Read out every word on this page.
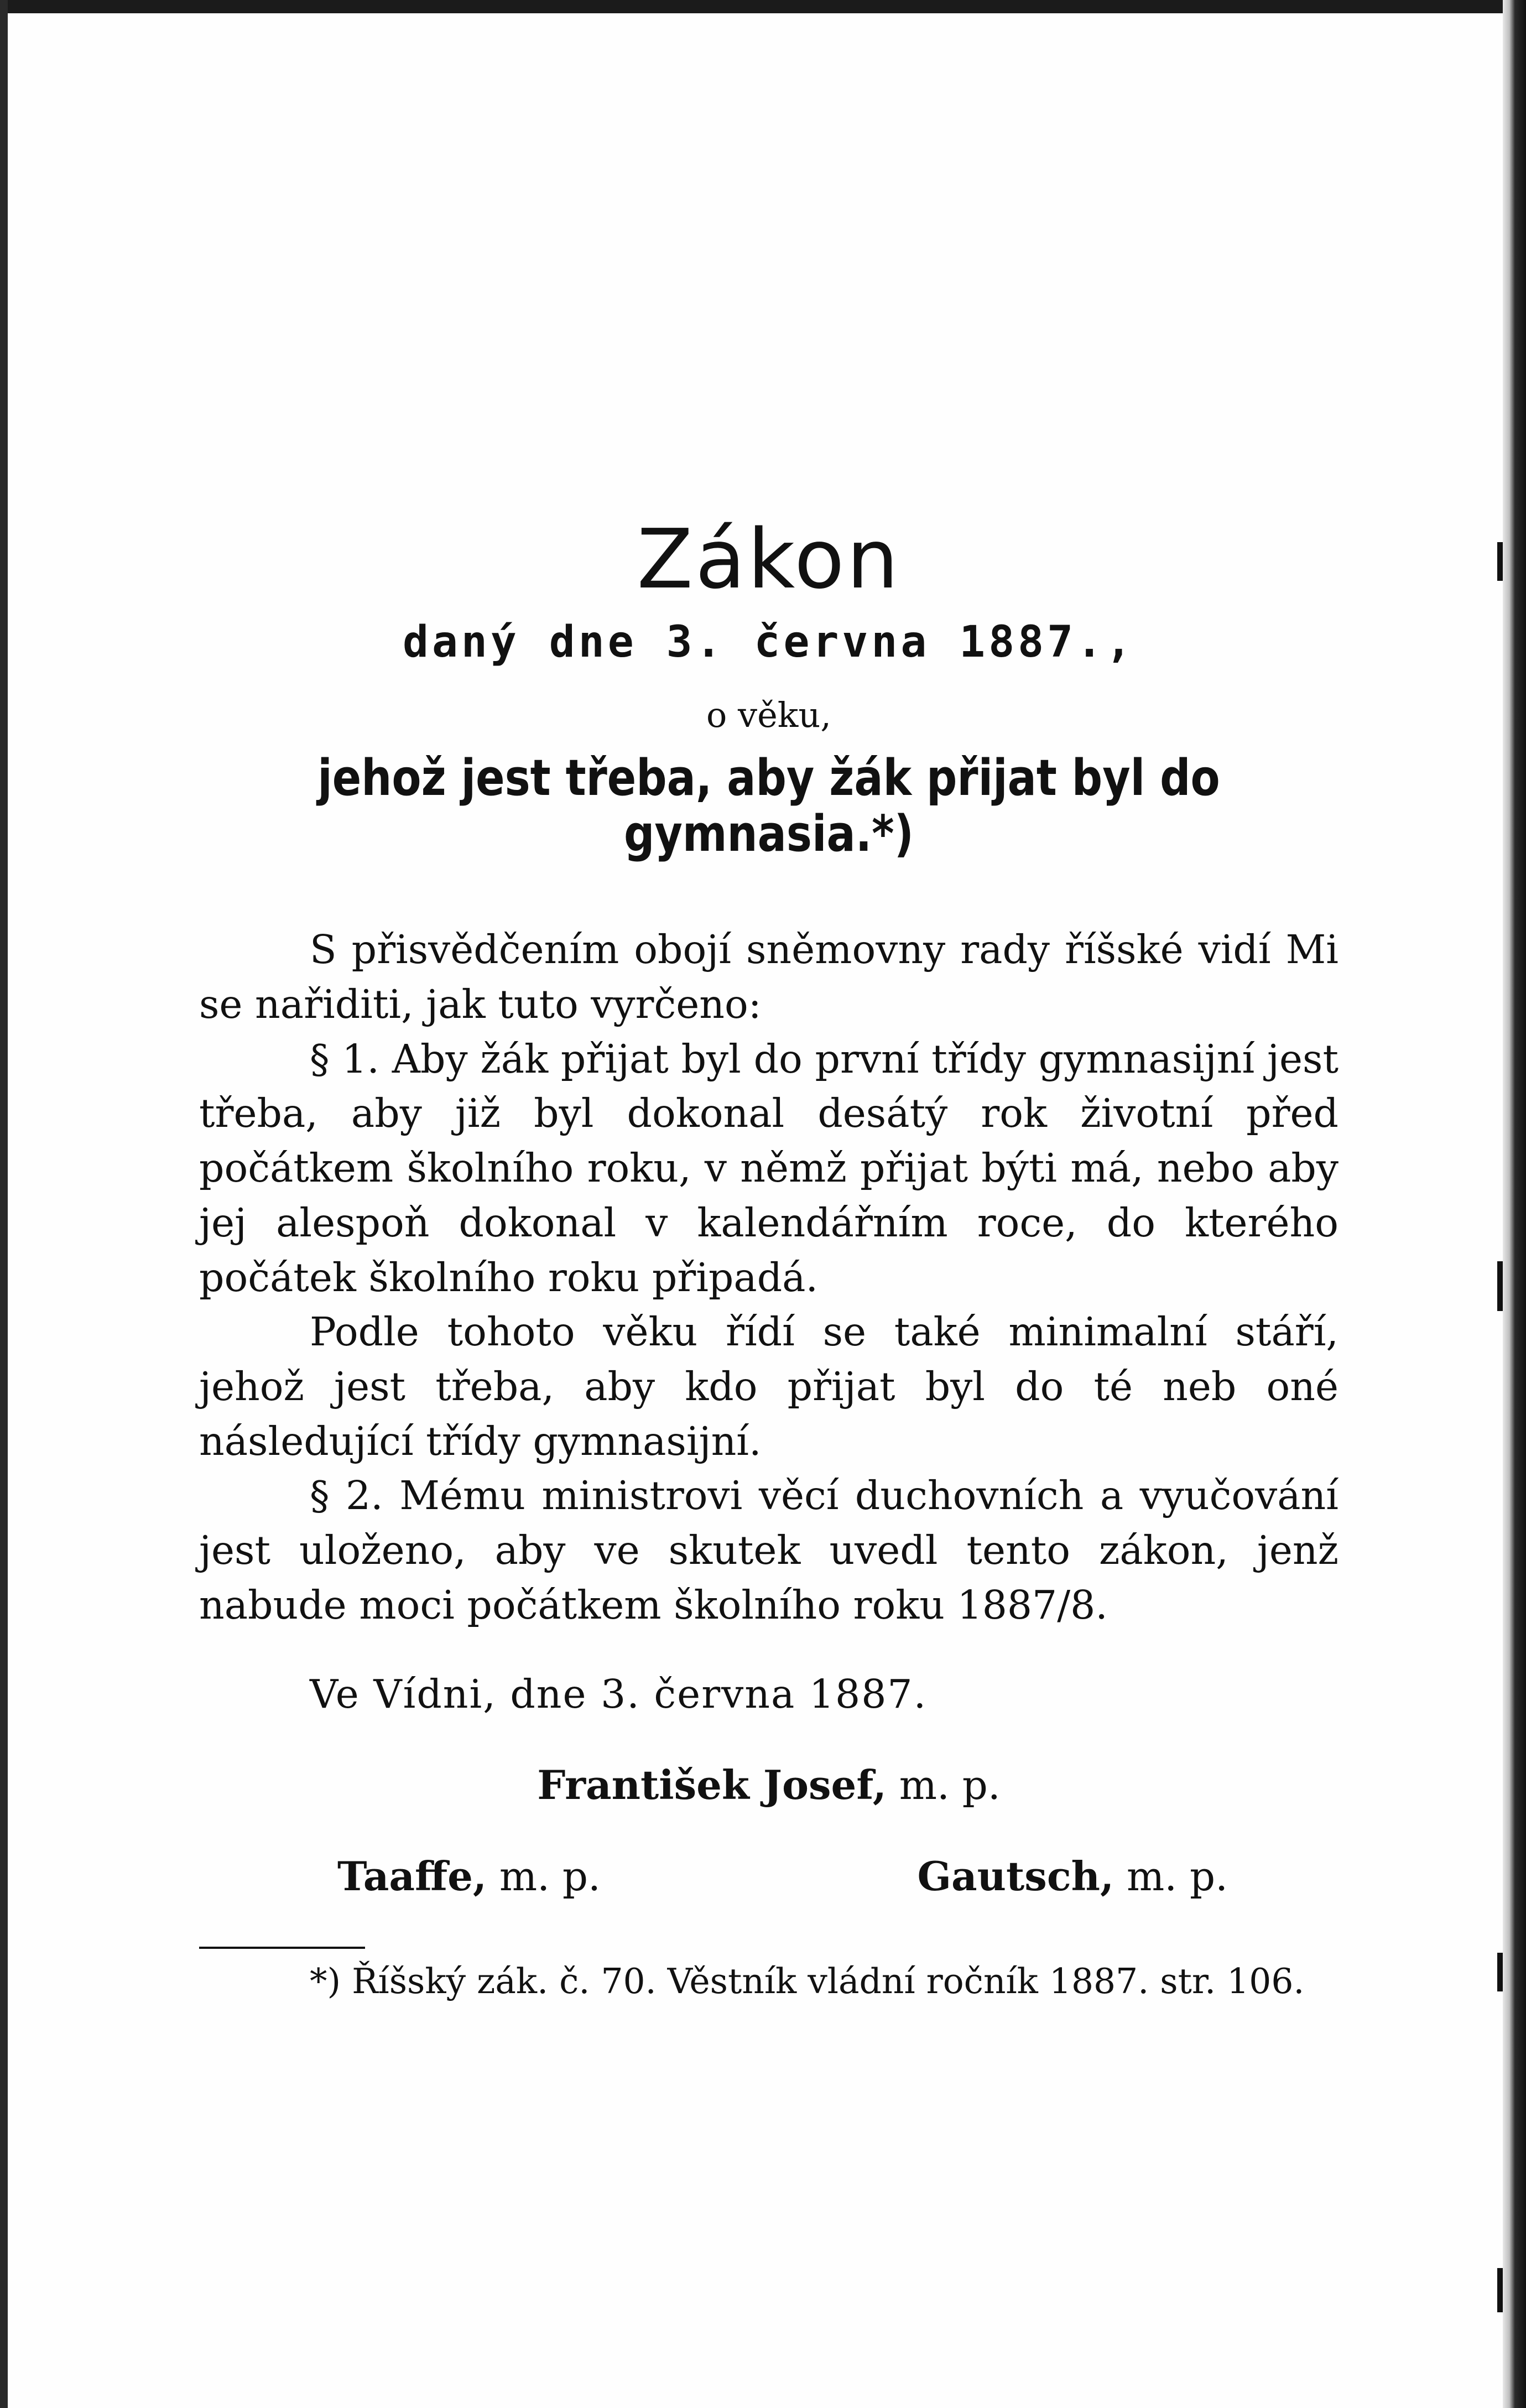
Zákon
daný dne 3. června 1887.,
o věku,
jehož jest třeba, aby žák přijat byl do gymnasia.*)

S přisvědčením obojí sněmovny rady říšské vidí Mi se nařiditi, jak tuto vyrčeno:

§ 1. Aby žák přijat byl do první třídy gymnasijní jest třeba, aby již byl dokonal desátý rok životní před počátkem školního roku, v němž přijat býti má, nebo aby jej alespoň dokonal v kalendářním roce, do kterého počátek školního roku připadá.

Podle tohoto věku řídí se také minimalní stáří, jehož jest třeba, aby kdo přijat byl do té neb oné následující třídy gymnasijní.

§ 2. Mému ministrovi věcí duchovních a vyučování jest uloženo, aby ve skutek uvedl tento zákon, jenž nabude moci počátkem školního roku 1887/8.

Ve Vídni, dne 3. června 1887.
František Josef, m. p.
Taaffe, m. p.	Gautsch, m. p.
*) Říšský zák. č. 70. Věstník vládní ročník 1887. str. 106.
